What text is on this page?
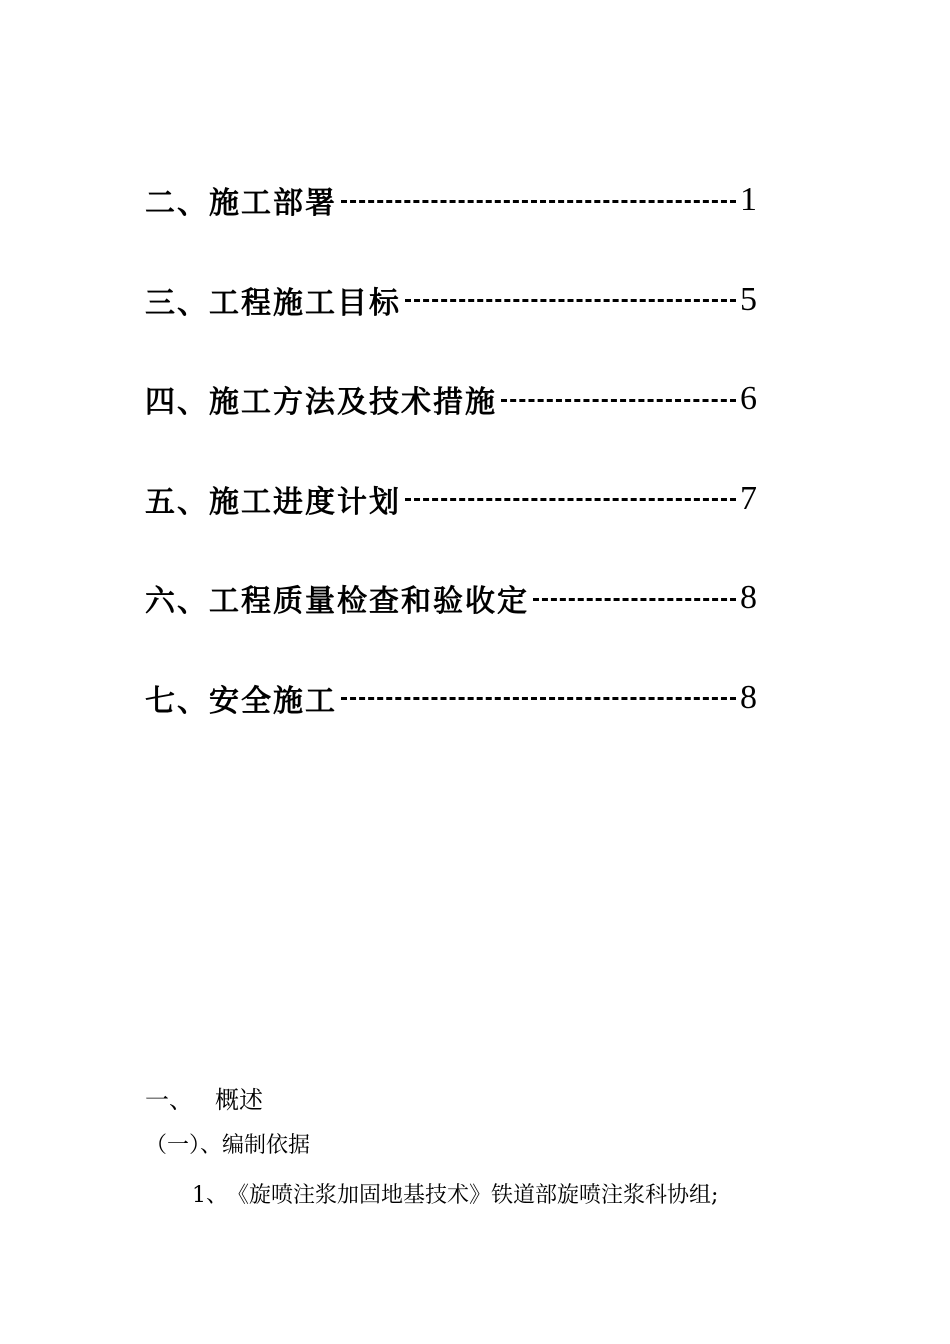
二、施工部署	1
三、工程施工目标	5
四、施工方法及技术措施	6
五、施工进度计划	7
六、工程质量检查和验收定	8
七、安全施工	8
一、 概述
（一）、编制依据
1、 《旋喷注浆加固地基技术》铁道部旋喷注浆科协组;
